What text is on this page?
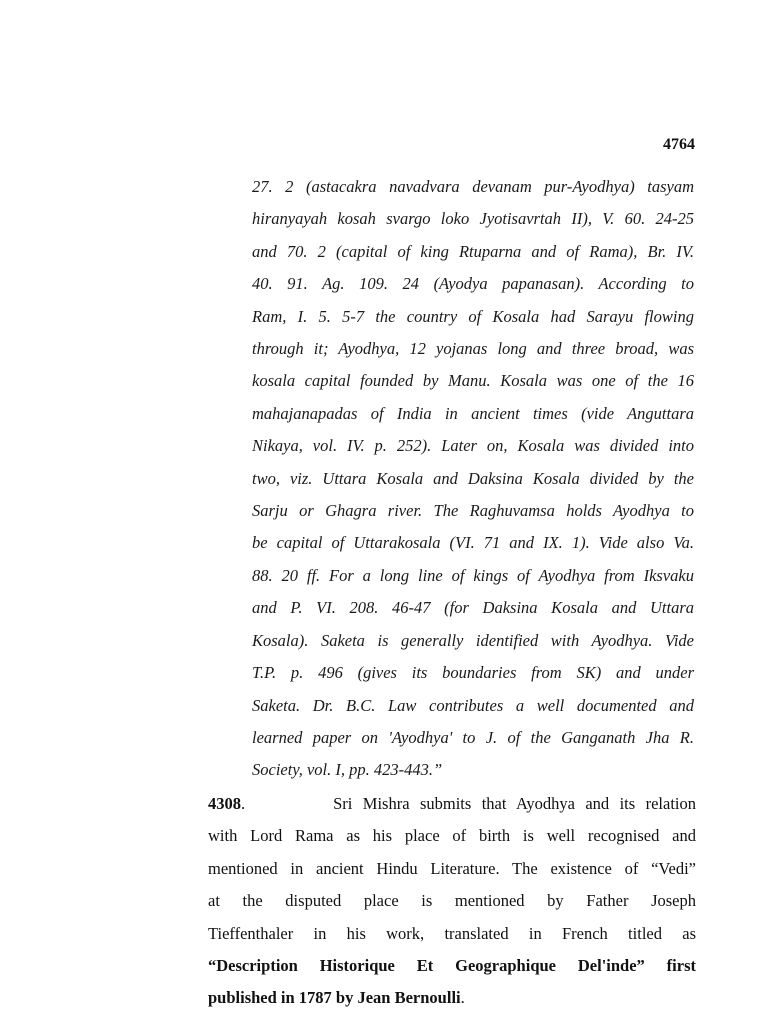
4764
27. 2 (astacakra navadvara devanam pur-Ayodhya) tasyam
hiranyayah kosah svargo loko Jyotisavrtah II), V. 60. 24-25
and 70. 2 (capital of king Rtuparna and of Rama), Br. IV.
40. 91. Ag. 109. 24 (Ayodya papanasan). According to
Ram, I. 5. 5-7 the country of Kosala had Sarayu flowing
through it; Ayodhya, 12 yojanas long and three broad, was
kosala capital founded by Manu. Kosala was one of the 16
mahajanapadas of India in ancient times (vide Anguttara
Nikaya, vol. IV. p. 252). Later on, Kosala was divided into
two, viz. Uttara Kosala and Daksina Kosala divided by the
Sarju or Ghagra river. The Raghuvamsa holds Ayodhya to
be capital of Uttarakosala (VI. 71 and IX. 1). Vide also Va.
88. 20 ff. For a long line of kings of Ayodhya from Iksvaku
and P. VI. 208. 46-47 (for Daksina Kosala and Uttara
Kosala). Saketa is generally identified with Ayodhya. Vide
T.P. p. 496 (gives its boundaries from SK) and under
Saketa. Dr. B.C. Law contributes a well documented and
learned paper on 'Ayodhya' to J. of the Ganganath Jha R.
Society, vol. I, pp. 423-443.”
4308.	Sri Mishra submits that Ayodhya and its relation
with Lord Rama as his place of birth is well recognised and
mentioned in ancient Hindu Literature. The existence of “Vedi”
at the disputed place is mentioned by Father Joseph
Tieffenthaler in his work, translated in French titled as
“Description Historique Et Geographique Del'inde” first
published in 1787 by Jean Bernoulli.
